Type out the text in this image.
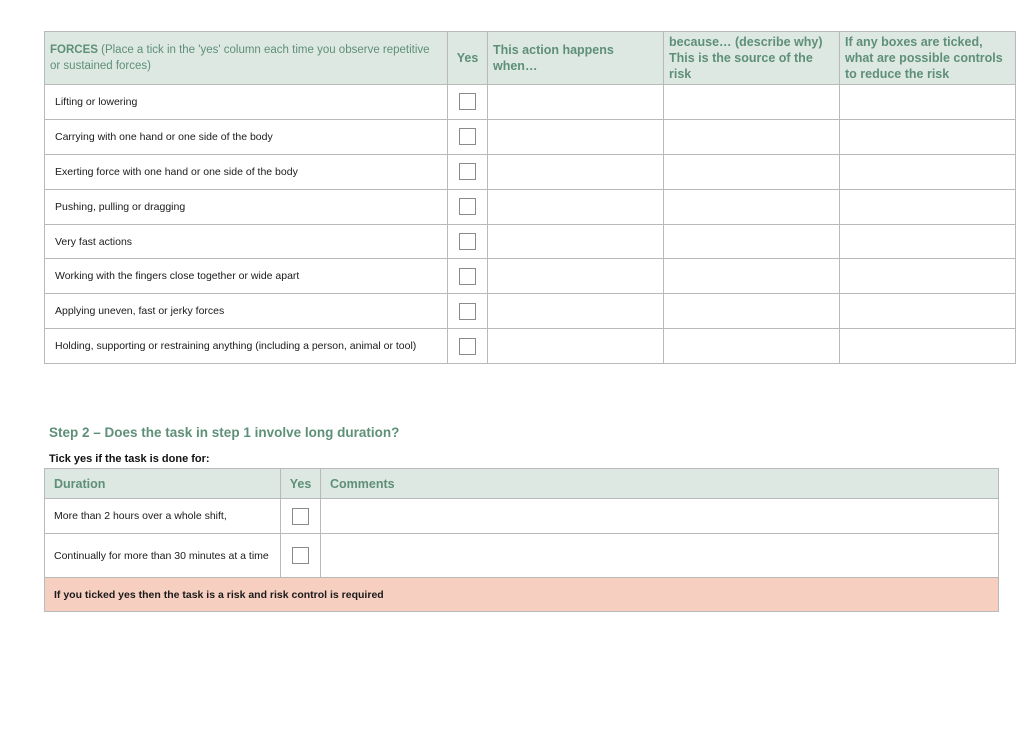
FORCES (Place a tick in the 'yes' column each time you observe repetitive or sustained forces)	Yes	This action happens when…	because… (describe why) This is the source of the risk	If any boxes are ticked, what are possible controls to reduce the risk
Lifting or lowering				
Carrying with one hand or one side of the body				
Exerting force with one hand or one side of the body				
Pushing, pulling or dragging				
Very fast actions				
Working with the fingers close together or wide apart				
Applying uneven, fast or jerky forces				
Holding, supporting or restraining anything (including a person, animal or tool)				
Step 2 – Does the task in step 1 involve long duration?
Tick yes if the task is done for:
Duration	Yes	Comments
More than 2 hours over a whole shift,		
Continually for more than 30 minutes at a time		
If you ticked yes then the task is a risk and risk control is required		
